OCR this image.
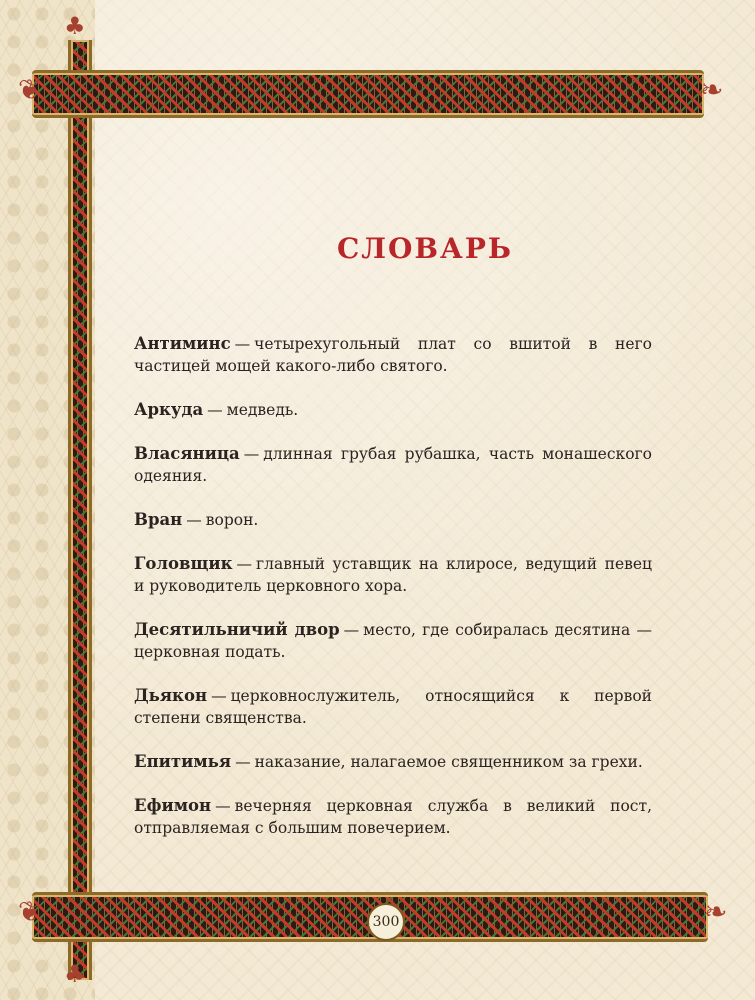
❦	❧
❦	❧
♣
♣
СЛОВАРЬ

Антиминс — четырехугольный плат со вшитой в него частицей мощей какого-либо святого.

Аркуда — медведь.

Власяница — длинная грубая рубашка, часть монашеского одеяния.

Вран — ворон.

Головщик — главный уставщик на клиросе, ведущий певец и руководитель церковного хора.

Десятильничий двор — место, где собиралась десятина — церковная подать.

Дьякон — церковнослужитель, относящийся к первой степени священства.

Епитимья — наказание, налагаемое священником за грехи.

Ефимон — вечерняя церковная служба в великий пост, отправляемая с большим повечерием.

300
